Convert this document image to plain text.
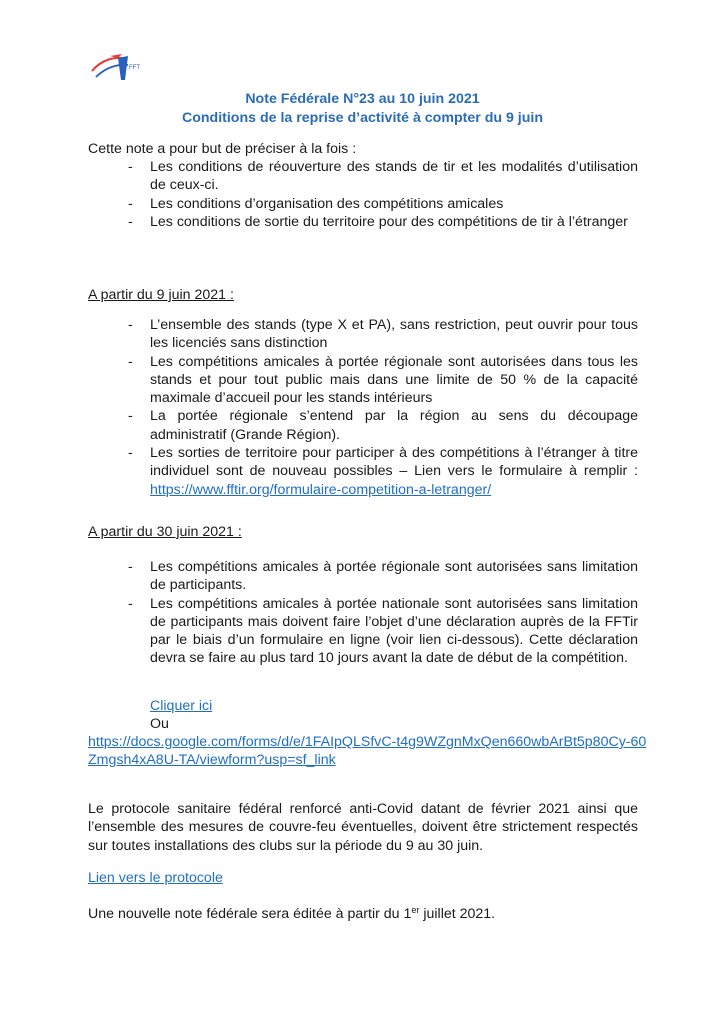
FFT
Note Fédérale N°23 au 10 juin 2021
Conditions de la reprise d’activité à compter du 9 juin
Cette note a pour but de préciser à la fois :
- Les conditions de réouverture des stands de tir et les modalités d’utilisation de ceux-ci.
- Les conditions d’organisation des compétitions amicales
- Les conditions de sortie du territoire pour des compétitions de tir à l’étranger
A partir du 9 juin 2021 :
- L’ensemble des stands (type X et PA), sans restriction, peut ouvrir pour tous les licenciés sans distinction
- Les compétitions amicales à portée régionale sont autorisées dans tous les stands et pour tout public mais dans une limite de 50 % de la capacité maximale d’accueil pour les stands intérieurs
- La portée régionale s’entend par la région au sens du découpage administratif (Grande Région).
- Les sorties de territoire pour participer à des compétitions à l’étranger à titre individuel sont de nouveau possibles – Lien vers le formulaire à remplir : https://www.fftir.org/formulaire-competition-a-letranger/
A partir du 30 juin 2021 :
- Les compétitions amicales à portée régionale sont autorisées sans limitation de participants.
- Les compétitions amicales à portée nationale sont autorisées sans limitation de participants mais doivent faire l’objet d’une déclaration auprès de la FFTir par le biais d’un formulaire en ligne (voir lien ci-dessous). Cette déclaration devra se faire au plus tard 10 jours avant la date de début de la compétition.
Cliquer ici
Ou
https://docs.google.com/forms/d/e/1FAIpQLSfvC-t4g9WZgnMxQen660wbArBt5p80Cy-60Zmgsh4xA8U-TA/viewform?usp=sf_link
Le protocole sanitaire fédéral renforcé anti-Covid datant de février 2021 ainsi que l’ensemble des mesures de couvre-feu éventuelles, doivent être strictement respectés sur toutes installations des clubs sur la période du 9 au 30 juin.
Lien vers le protocole
Une nouvelle note fédérale sera éditée à partir du 1er juillet 2021.
